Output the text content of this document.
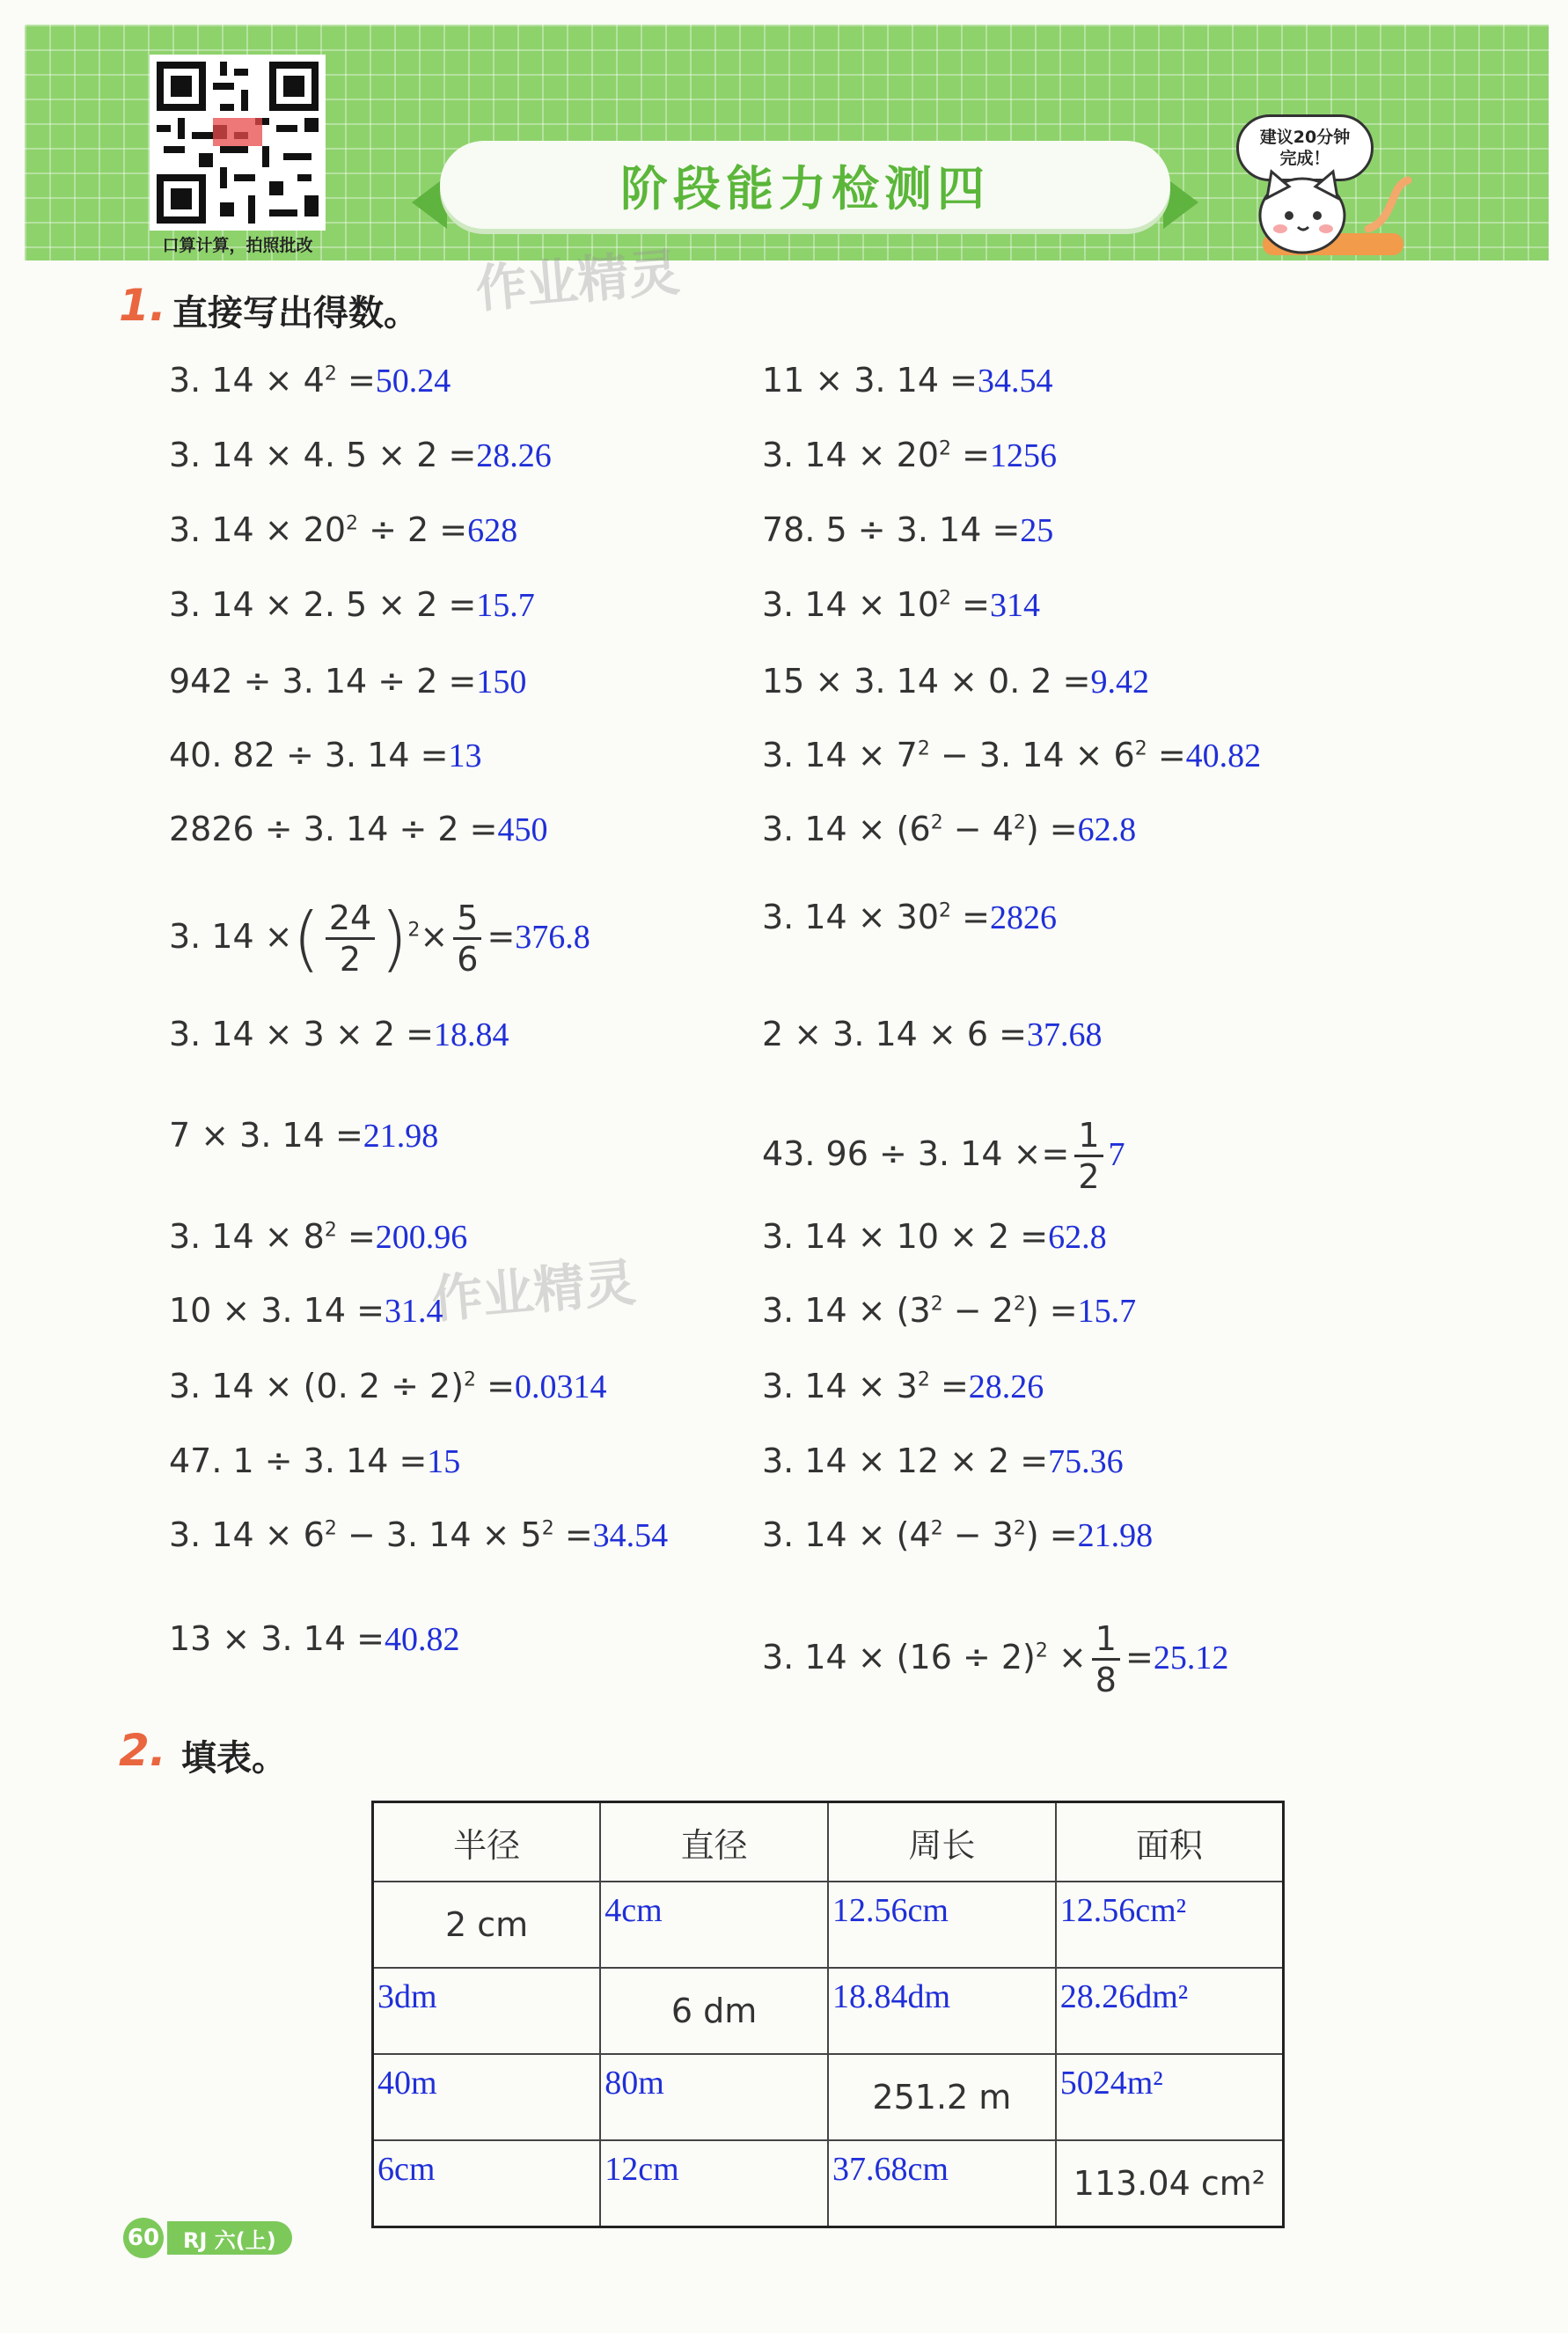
口算计算，拍照批改
阶段能力检测四
建议20分钟
完成！
1. 直接写出得数。 作业精灵
作业精灵
3. $14 \times 4^2 =50.24$
3. 14 × 4. 5 × 2 =28.26
3. $14 \times 20^2 \div 2 =628$
3. 14 × 2. 5 × 2 =15.7
942 ÷ 3. 14 ÷ 2 =150
40. 82 ÷ 3. 14 =13
2826 ÷ 3. 14 ÷ 2 =450
3. 14 ×( $\frac{24}{2} )^2\times \frac{5}{6} =376.8$
3. 14 × 3 × 2 =18.84
7 × 3. 14 =21.98
3. $14 \times 8^2 =200.96$
10 × 3. 14 =31.4
3. 14 × (0. 2 ÷ 2)$^2$ =0.0314
47. 1 ÷ 3. 14 =15
3. $14 \times 6^2 - 3$. $14 \times 5^2 =34.54$
13 × 3. 14 =40.82
11 × 3. 14 =34.54
3. $14 \times 20^2 =1256$
78. 5 ÷ 3. 14 =25
3. $14 \times 10^2 =314$
15 × 3. 14 × 0. 2 =9.42
3. $14 \times 7^2 - 3$. $14 \times 6^2 =40.82$
3. $14 \times (6^2 - 4^2) =62.8$
3. $14 \times 30^2 =2826$
2 × 3. 14 × 6 =37.68
43. 96 ÷ 3. $14 \times= \frac{1}{2} 7$
3. 14 × 10 × 2 =62.8
3. $14 \times (3^2 - 2^2) =15.7$
3. $14 \times 3^2 =28.26$
3. 14 × 12 × 2 =75.36
3. $14 \times (4^2 - 3^2) =21.98$
3. $14 \times (16 \div 2)^2 \times \frac{1}{8} =25.12$
2. 填表。
半径	直径	周长	面积
2 cm	4cm	12.56cm	12.56cm²
3dm	6 dm	18.84dm	28.26dm²
40m	80m	251.2 m	5024m²
6cm	12cm	37.68cm	113.04 cm²
60	RJ 六(上)
